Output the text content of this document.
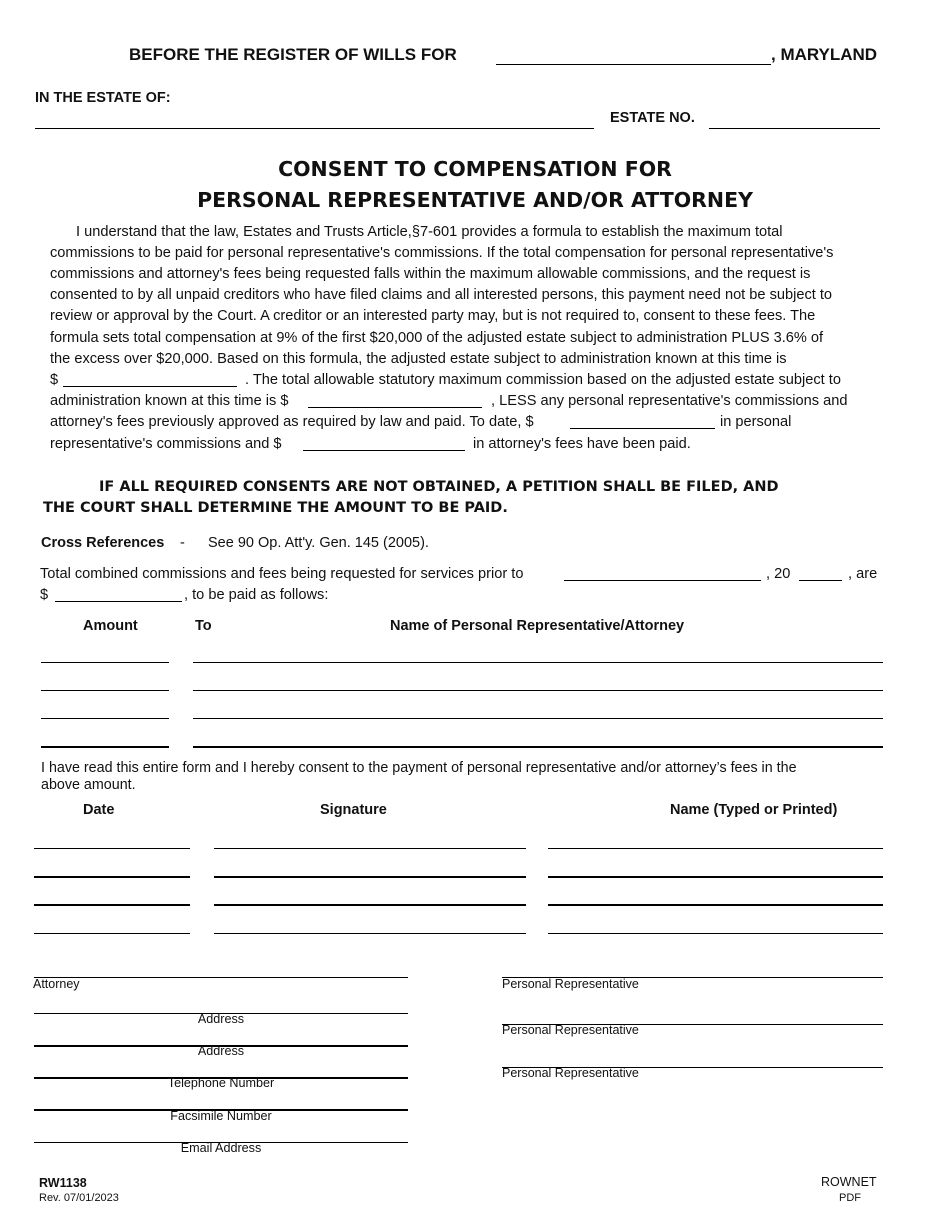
BEFORE THE REGISTER OF WILLS FOR	, MARYLAND
IN THE ESTATE OF:
ESTATE NO.
CONSENT TO COMPENSATION FOR
PERSONAL REPRESENTATIVE AND/OR ATTORNEY
I understand that the law, Estates and Trusts Article,§7-601 provides a formula to establish the maximum total
commissions to be paid for personal representative's commissions. If the total compensation for personal representative's
commissions and attorney's fees being requested falls within the maximum allowable commissions, and the request is
consented to by all unpaid creditors who have filed claims and all interested persons, this payment need not be subject to
review or approval by the Court. A creditor or an interested party may, but is not required to, consent to these fees. The
formula sets total compensation at 9% of the first $20,000 of the adjusted estate subject to administration PLUS 3.6% of
the excess over $20,000. Based on this formula, the adjusted estate subject to administration known at this time is
$	. The total allowable statutory maximum commission based on the adjusted estate subject to
administration known at this time is $	, LESS any personal representative's commissions and
attorney's fees previously approved as required by law and paid. To date, $	in personal
representative's commissions and $	in attorney's fees have been paid.
IF ALL REQUIRED CONSENTS ARE NOT OBTAINED, A PETITION SHALL BE FILED, AND
THE COURT SHALL DETERMINE THE AMOUNT TO BE PAID.
Cross References - See 90 Op. Att'y. Gen. 145 (2005).
Total combined commissions and fees being requested for services prior to	, 20	, are
$	, to be paid as follows:
Amount	To	Name of Personal Representative/Attorney
I have read this entire form and I hereby consent to the payment of personal representative and/or attorney’s fees in the
above amount.
Date	Signature	Name (Typed or Printed)
Attorney
Address
Address
Telephone Number
Facsimile Number
Email Address
Personal Representative
Personal Representative
Personal Representative
RW1138
Rev. 07/01/2023
ROWNET
PDF
